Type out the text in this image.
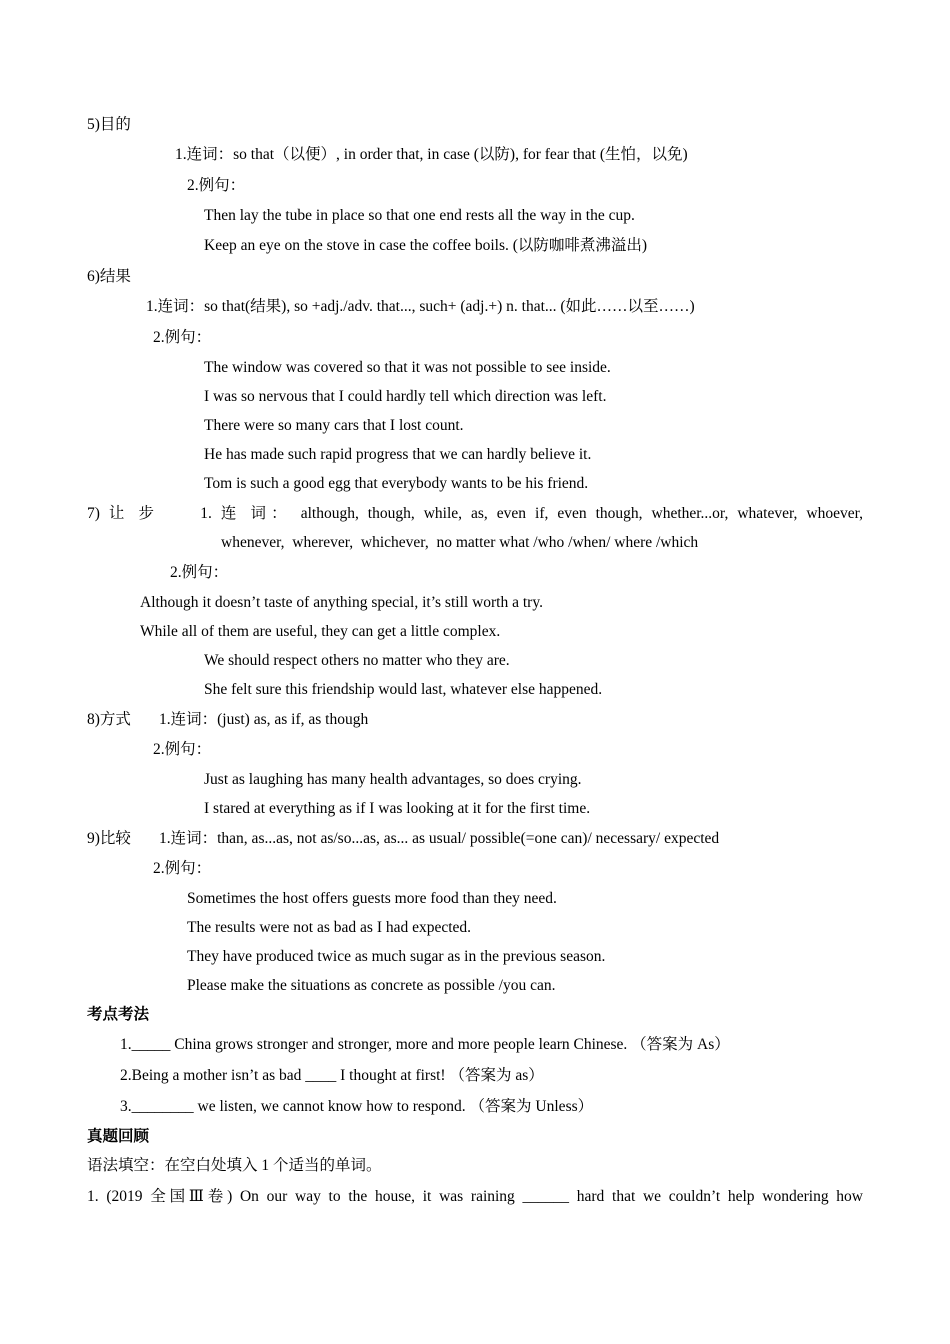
5)目的
1.连词：so that（以便）, in order that, in case (以防), for fear that (生怕，以免)
2.例句：
Then lay the tube in place so that one end rests all the way in the cup.
Keep an eye on the stove in case the coffee boils. (以防咖啡煮沸溢出)
6)结果
1.连词：so that(结果), so +adj./adv. that..., such+ (adj.+) n. that... (如此……以至……)
2.例句：
The window was covered so that it was not possible to see inside.
I was so nervous that I could hardly tell which direction was left.
There were so many cars that I lost count.
He has made such rapid progress that we can hardly believe it.
Tom is such a good egg that everybody wants to be his friend.
7) 让 步　　1. 连 词： although, though, while, as, even if, even though, whether...or, whatever, whoever,
whenever,  wherever,  whichever,  no matter what /who /when/ where /which
2.例句：
Although it doesn’t taste of anything special, it’s still worth a try.
While all of them are useful, they can get a little complex.
We should respect others no matter who they are.
She felt sure this friendship would last, whatever else happened.
8)方式 1.连词：(just) as, as if, as though
2.例句：
Just as laughing has many health advantages, so does crying.
I stared at everything as if I was looking at it for the first time.
9)比较 1.连词：than, as...as, not as/so...as, as... as usual/ possible(=one can)/ necessary/ expected
2.例句：
Sometimes the host offers guests more food than they need.
The results were not as bad as I had expected.
They have produced twice as much sugar as in the previous season.
Please make the situations as concrete as possible /you can.
考点考法
1._____ China grows stronger and stronger, more and more people learn Chinese. （答案为 As）
2.Being a mother isn’t as bad ____ I thought at first! （答案为 as）
3.________ we listen, we cannot know how to respond. （答案为 Unless）
真题回顾
语法填空：在空白处填入 1 个适当的单词。
1. (2019 全国Ⅲ卷) On our way to the house, it was raining ______ hard that we couldn’t help wondering how
